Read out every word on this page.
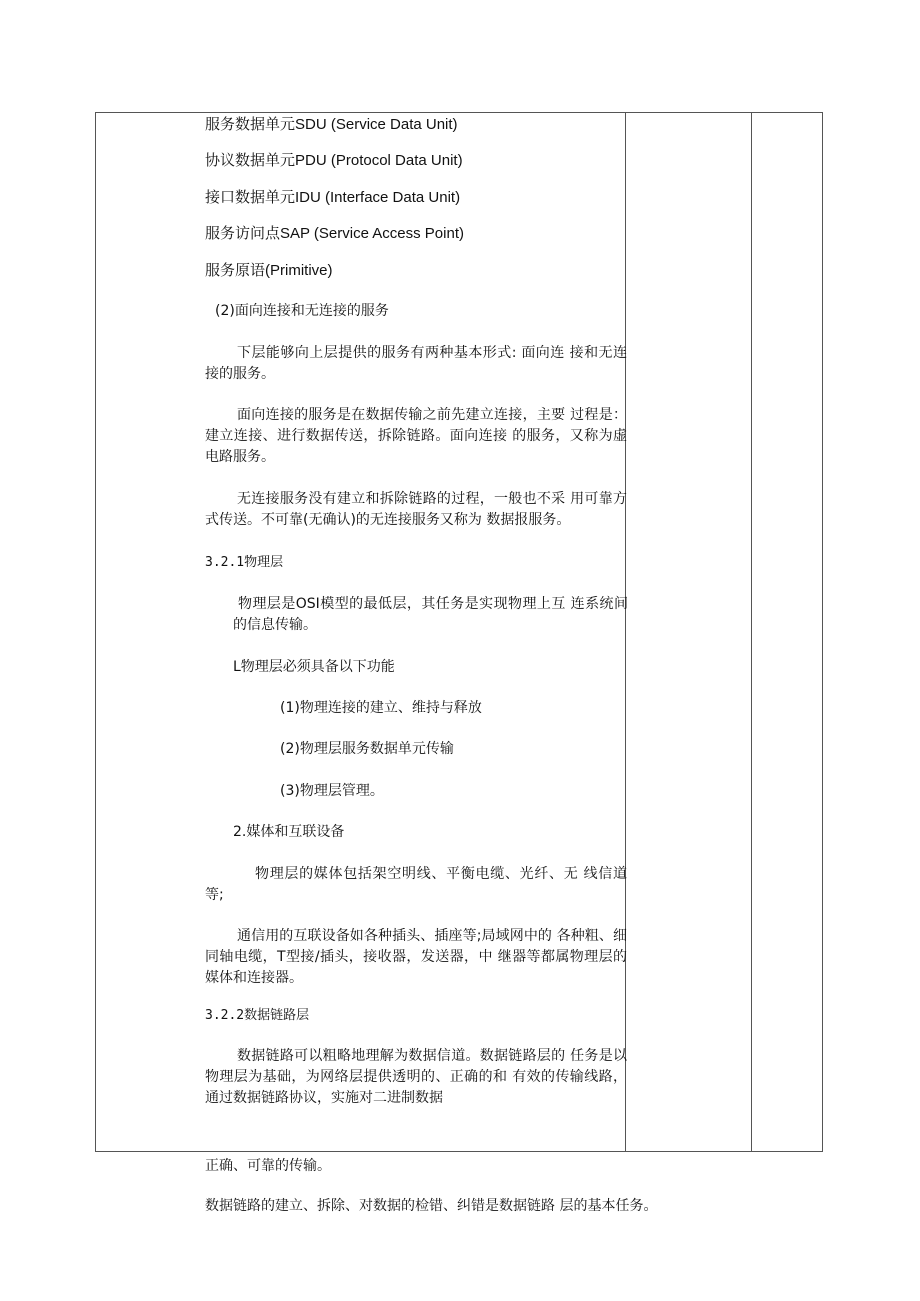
服务数据单元SDU (Service Data Unit)

协议数据单元PDU (Protocol Data Unit)

接口数据单元IDU (Interface Data Unit)

服务访问点SAP (Service Access Point)

服务原语(Primitive)

(2)面向连接和无连接的服务

下层能够向上层提供的服务有两种基本形式: 面向连 接和无连接的服务。

面向连接的服务是在数据传输之前先建立连接，主要 过程是：建立连接、进行数据传送，拆除链路。面向连接 的服务，又称为虚电路服务。

无连接服务没有建立和拆除链路的过程，一般也不采 用可靠方式传送。不可靠(无确认)的无连接服务又称为 数据报服务。

3.2.1物理层

物理层是OSI模型的最低层，其任务是实现物理上互 连系统间的信息传输。

L物理层必须具备以下功能

(1)物理连接的建立、维持与释放

(2)物理层服务数据单元传输

(3)物理层管理。

2.媒体和互联设备

物理层的媒体包括架空明线、平衡电缆、光纤、无 线信道等;

通信用的互联设备如各种插头、插座等;局域网中的 各种粗、细同轴电缆，T型接/插头，接收器，发送器，中 继器等都属物理层的媒体和连接器。

3.2.2数据链路层

数据链路可以粗略地理解为数据信道。数据链路层的 任务是以物理层为基础，为网络层提供透明的、正确的和 有效的传输线路，通过数据链路协议，实施对二进制数据

正确、可靠的传输。

数据链路的建立、拆除、对数据的检错、纠错是数据链路 层的基本任务。
